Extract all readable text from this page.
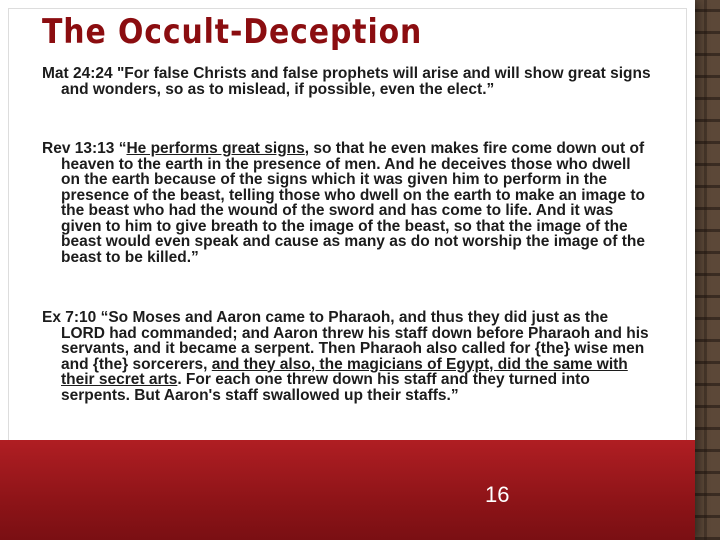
The Occult-Deception

Mat 24:24 "For false Christs and false prophets will arise and will show great signs and wonders, so as to mislead, if possible, even the elect.”

Rev 13:13 “He performs great signs, so that he even makes fire come down out of heaven to the earth in the presence of men. And he deceives those who dwell on the earth because of the signs which it was given him to perform in the presence of the beast, telling those who dwell on the earth to make an image to the beast who had the wound of the sword and has come to life. And it was given to him to give breath to the image of the beast, so that the image of the beast would even speak and cause as many as do not worship the image of the beast to be killed.”

Ex 7:10 “So Moses and Aaron came to Pharaoh, and thus they did just as the LORD had commanded; and Aaron threw his staff down before Pharaoh and his servants, and it became a serpent. Then Pharaoh also called for {the} wise men and {the} sorcerers, and they also, the magicians of Egypt, did the same with their secret arts. For each one threw down his staff and they turned into serpents. But Aaron's staff swallowed up their staffs.”

16
